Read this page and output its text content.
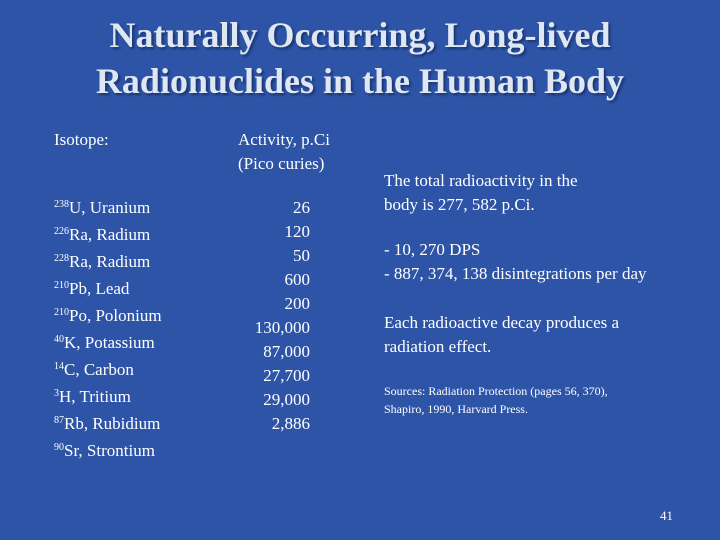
Naturally Occurring, Long-lived
Radionuclides in the Human Body
Isotope:	Activity, p.Ci
(Pico curies)
$^{238}$U, Uranium
$^{226}$Ra, Radium
$^{228}$Ra, Radium
$^{210}$Pb, Lead
$^{210}$Po, Polonium
$^{40}$K, Potassium
$^{14}$C, Carbon
$^3$H, Tritium
$^{87}$Rb, Rubidium
$^{90}$Sr, Strontium
26
120
50
600
200
130,000
87,000
27,700
29,000
2,886
The total radioactivity in the
body is 277, 582 p.Ci.
- 10, 270 DPS
- 887, 374, 138 disintegrations per day
Each radioactive decay produces a
radiation effect.
Sources: Radiation Protection (pages 56, 370),
Shapiro, 1990, Harvard Press.
41
